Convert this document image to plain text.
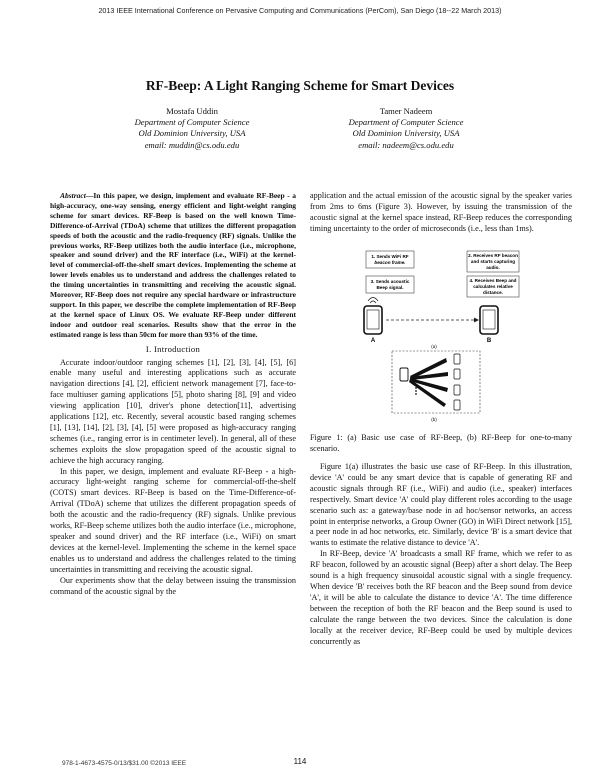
2013 IEEE International Conference on Pervasive Computing and Communications (PerCom), San Diego (18--22 March 2013)
RF-Beep: A Light Ranging Scheme for Smart Devices
Mostafa Uddin
Department of Computer Science
Old Dominion University, USA
email: muddin@cs.odu.edu
Tamer Nadeem
Department of Computer Science
Old Dominion University, USA
email: nadeem@cs.odu.edu

Abstract—In this paper, we design, implement and evaluate RF-Beep - a high-accuracy, one-way sensing, energy efficient and light-weight ranging scheme for smart devices. RF-Beep is based on the well known Time-Difference-of-Arrival (TDoA) scheme that utilizes the different propagation speeds of both the acoustic and the radio-frequency (RF) signals. Unlike the previous works, RF-Beep utilizes both the audio interface (i.e., microphone, speaker and sound driver) and the RF interface (i.e., WiFi) at the kernel-level of commercial-off-the-shelf smart devices. Implementing the scheme at lower levels enables us to understand and address the challenges related to the timing uncertainties in transmitting and receiving the acoustic signal. Moreover, RF-Beep does not require any special hardware or infrastructure support. In this paper, we describe the complete implementation of RF-Beep at the kernel space of Linux OS. We evaluate RF-Beep under different indoor and outdoor real scenarios. Results show that the error in the estimated range is less than 50cm for more than 93% of the time.

I. Introduction

Accurate indoor/outdoor ranging schemes [1], [2], [3], [4], [5], [6] enable many useful and interesting applications such as accurate navigation directions [4], [2], efficient network management [7], face-to-face multiuser gaming applications [5], photo sharing [8], [9] and video viewing application [10], driver's phone detection[11], advertising applications [12], etc. Recently, several acoustic based ranging schemes [1], [13], [14], [2], [3], [4], [5] were proposed as high-accuracy ranging schemes (i.e., ranging error is in centimeter level). In general, all of these schemes exploits the slow propagation speed of the acoustic signal to achieve the high accuracy ranging.

In this paper, we design, implement and evaluate RF-Beep - a high-accuracy light-weight ranging scheme for commercial-off-the-shelf (COTS) smart devices. RF-Beep is based on the Time-Difference-of-Arrival (TDoA) scheme that utilizes the different propagation speeds of both the acoustic and the radio-frequency (RF) signals. Unlike previous works, RF-Beep scheme utilizes both the audio interface (i.e., microphone, speaker and sound driver) and the RF interface (i.e., WiFi) on smart devices at the kernel-level. Implementing the scheme in the kernel space enables us to understand and address the challenges related to the timing uncertainties in transmitting and receiving the acoustic signal.

Our experiments show that the delay between issuing the transmission command of the acoustic signal by the

application and the actual emission of the acoustic signal by the speaker varies from 2ms to 6ms (Figure 3). However, by issuing the transmission of the acoustic signal at the kernel space instead, RF-Beep reduces the corresponding timing uncertainty to the order of microseconds (i.e., less than 1ms).

1. Sends WiFi RF
beacon frame.
2. Receives RF beacon
and starts capturing
audio.
3. Sends acoustic
Beep signal.
4. Receives Beep and
calculates relative
distance.
A	B
(a)
(b)
Figure 1: (a) Basic use case of RF-Beep, (b) RF-Beep for one-to-many scenario.

Figure 1(a) illustrates the basic use case of RF-Beep. In this illustration, device 'A' could be any smart device that is capable of generating RF and acoustic signals through RF (i.e., WiFi) and audio (i.e., speaker) interfaces respectively. Smart device 'A' could play different roles according to the usage scenario such as: a gateway/base node in ad hoc/sensor networks, an access point in enterprise networks, a Group Owner (GO) in WiFi Direct network [15], a peer node in ad hoc networks, etc. Similarly, device 'B' is a smart device that wants to estimate the relative distance to device 'A'.

In RF-Beep, device 'A' broadcasts a small RF frame, which we refer to as RF beacon, followed by an acoustic signal (Beep) after a short delay. The Beep sound is a high frequency sinusoidal acoustic signal with a single frequency. When device 'B' receives both the RF beacon and the Beep sound from device 'A', it will be able to calculate the distance to device 'A'. The time difference between the reception of both the RF beacon and the Beep sound is used to calculate the range between the two devices. Since the calculation is done locally at the receiver device, RF-Beep could be used by multiple devices concurrently as

978-1-4673-4575-0/13/$31.00 ©2013 IEEE	114
